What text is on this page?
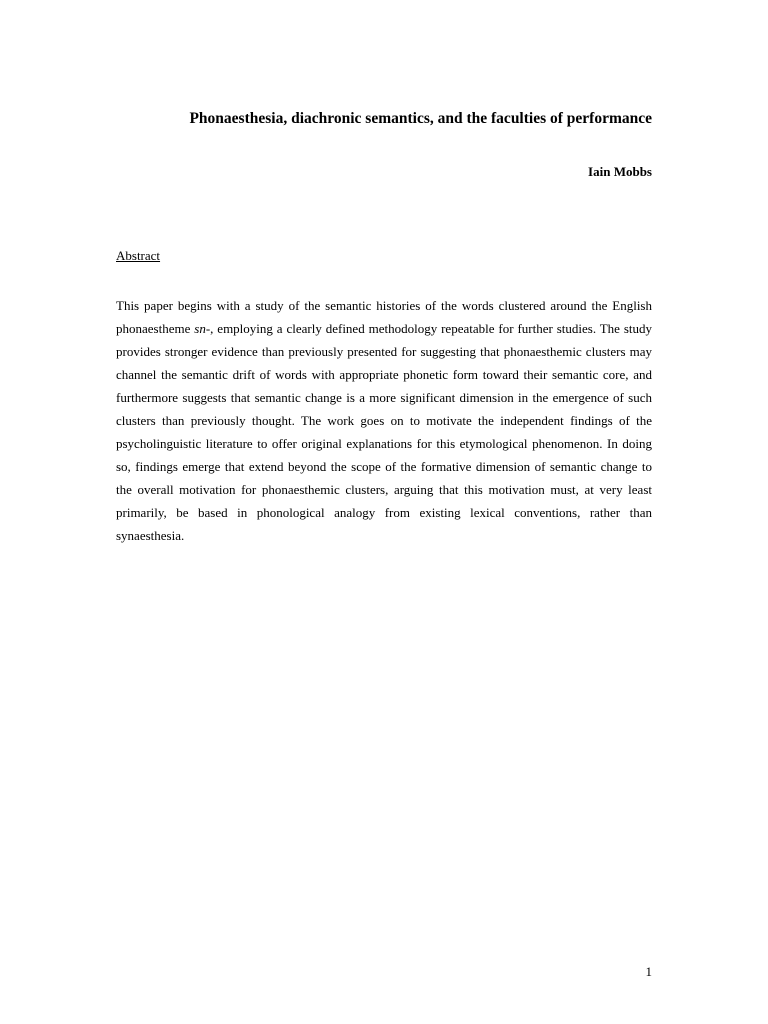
Phonaesthesia, diachronic semantics, and the faculties of performance

Iain Mobbs

Abstract

This paper begins with a study of the semantic histories of the words clustered around the English phonaestheme sn-, employing a clearly defined methodology repeatable for further studies. The study provides stronger evidence than previously presented for suggesting that phonaesthemic clusters may channel the semantic drift of words with appropriate phonetic form toward their semantic core, and furthermore suggests that semantic change is a more significant dimension in the emergence of such clusters than previously thought. The work goes on to motivate the independent findings of the psycholinguistic literature to offer original explanations for this etymological phenomenon. In doing so, findings emerge that extend beyond the scope of the formative dimension of semantic change to the overall motivation for phonaesthemic clusters, arguing that this motivation must, at very least primarily, be based in phonological analogy from existing lexical conventions, rather than synaesthesia.

1
